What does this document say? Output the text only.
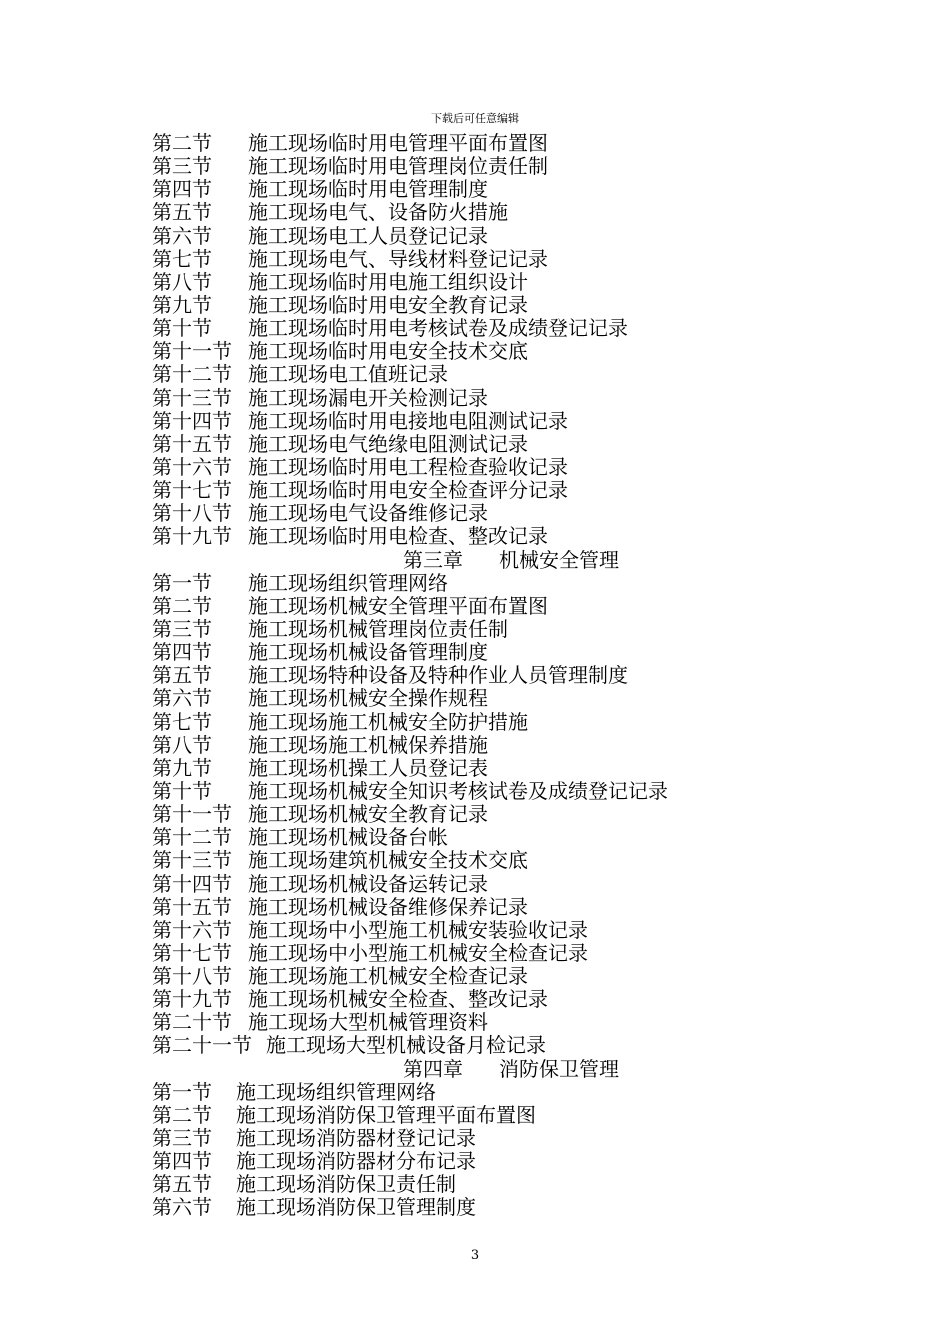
下载后可任意编辑
第二节 施工现场临时用电管理平面布置图
第三节 施工现场临时用电管理岗位责任制
第四节 施工现场临时用电管理制度
第五节 施工现场电气、设备防火措施
第六节 施工现场电工人员登记记录
第七节 施工现场电气、导线材料登记记录
第八节 施工现场临时用电施工组织设计
第九节 施工现场临时用电安全教育记录
第十节 施工现场临时用电考核试卷及成绩登记记录
第十一节 施工现场临时用电安全技术交底
第十二节 施工现场电工值班记录
第十三节 施工现场漏电开关检测记录
第十四节 施工现场临时用电接地电阻测试记录
第十五节 施工现场电气绝缘电阻测试记录
第十六节 施工现场临时用电工程检查验收记录
第十七节 施工现场临时用电安全检查评分记录
第十八节 施工现场电气设备维修记录
第十九节 施工现场临时用电检查、整改记录
第三章 机械安全管理
第一节 施工现场组织管理网络
第二节 施工现场机械安全管理平面布置图
第三节 施工现场机械管理岗位责任制
第四节 施工现场机械设备管理制度
第五节 施工现场特种设备及特种作业人员管理制度
第六节 施工现场机械安全操作规程
第七节 施工现场施工机械安全防护措施
第八节 施工现场施工机械保养措施
第九节 施工现场机操工人员登记表
第十节 施工现场机械安全知识考核试卷及成绩登记记录
第十一节 施工现场机械安全教育记录
第十二节 施工现场机械设备台帐
第十三节 施工现场建筑机械安全技术交底
第十四节 施工现场机械设备运转记录
第十五节 施工现场机械设备维修保养记录
第十六节 施工现场中小型施工机械安装验收记录
第十七节 施工现场中小型施工机械安全检查记录
第十八节 施工现场施工机械安全检查记录
第十九节 施工现场机械安全检查、整改记录
第二十节 施工现场大型机械管理资料
第二十一节 施工现场大型机械设备月检记录
第四章 消防保卫管理
第一节 施工现场组织管理网络
第二节 施工现场消防保卫管理平面布置图
第三节 施工现场消防器材登记记录
第四节 施工现场消防器材分布记录
第五节 施工现场消防保卫责任制
第六节 施工现场消防保卫管理制度
3
